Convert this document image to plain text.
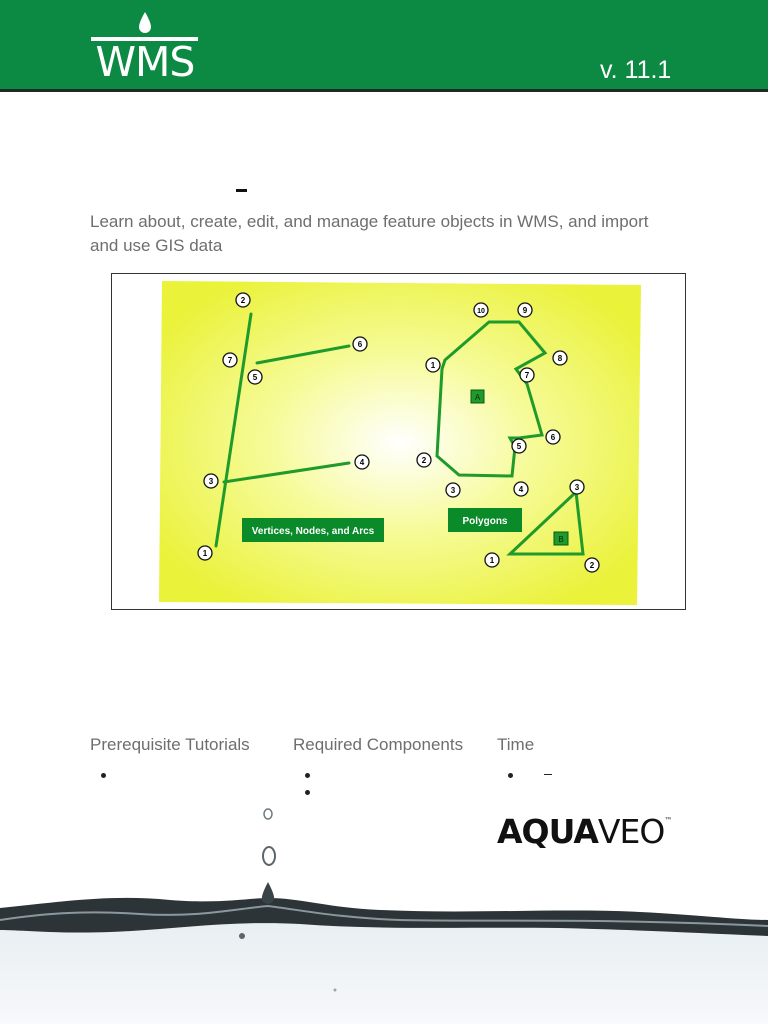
WMS	v. 11.1
Learn about, create, edit, and manage feature objects in WMS, and import and use GIS data
A
B
2
7
5
6
3
4
1
10	9
1
8
7
5
6
2
3	4	3
1
2
Vertices, Nodes, and Arcs
Polygons
Prerequisite Tutorials	Required Components Time
AQUAVEO™
